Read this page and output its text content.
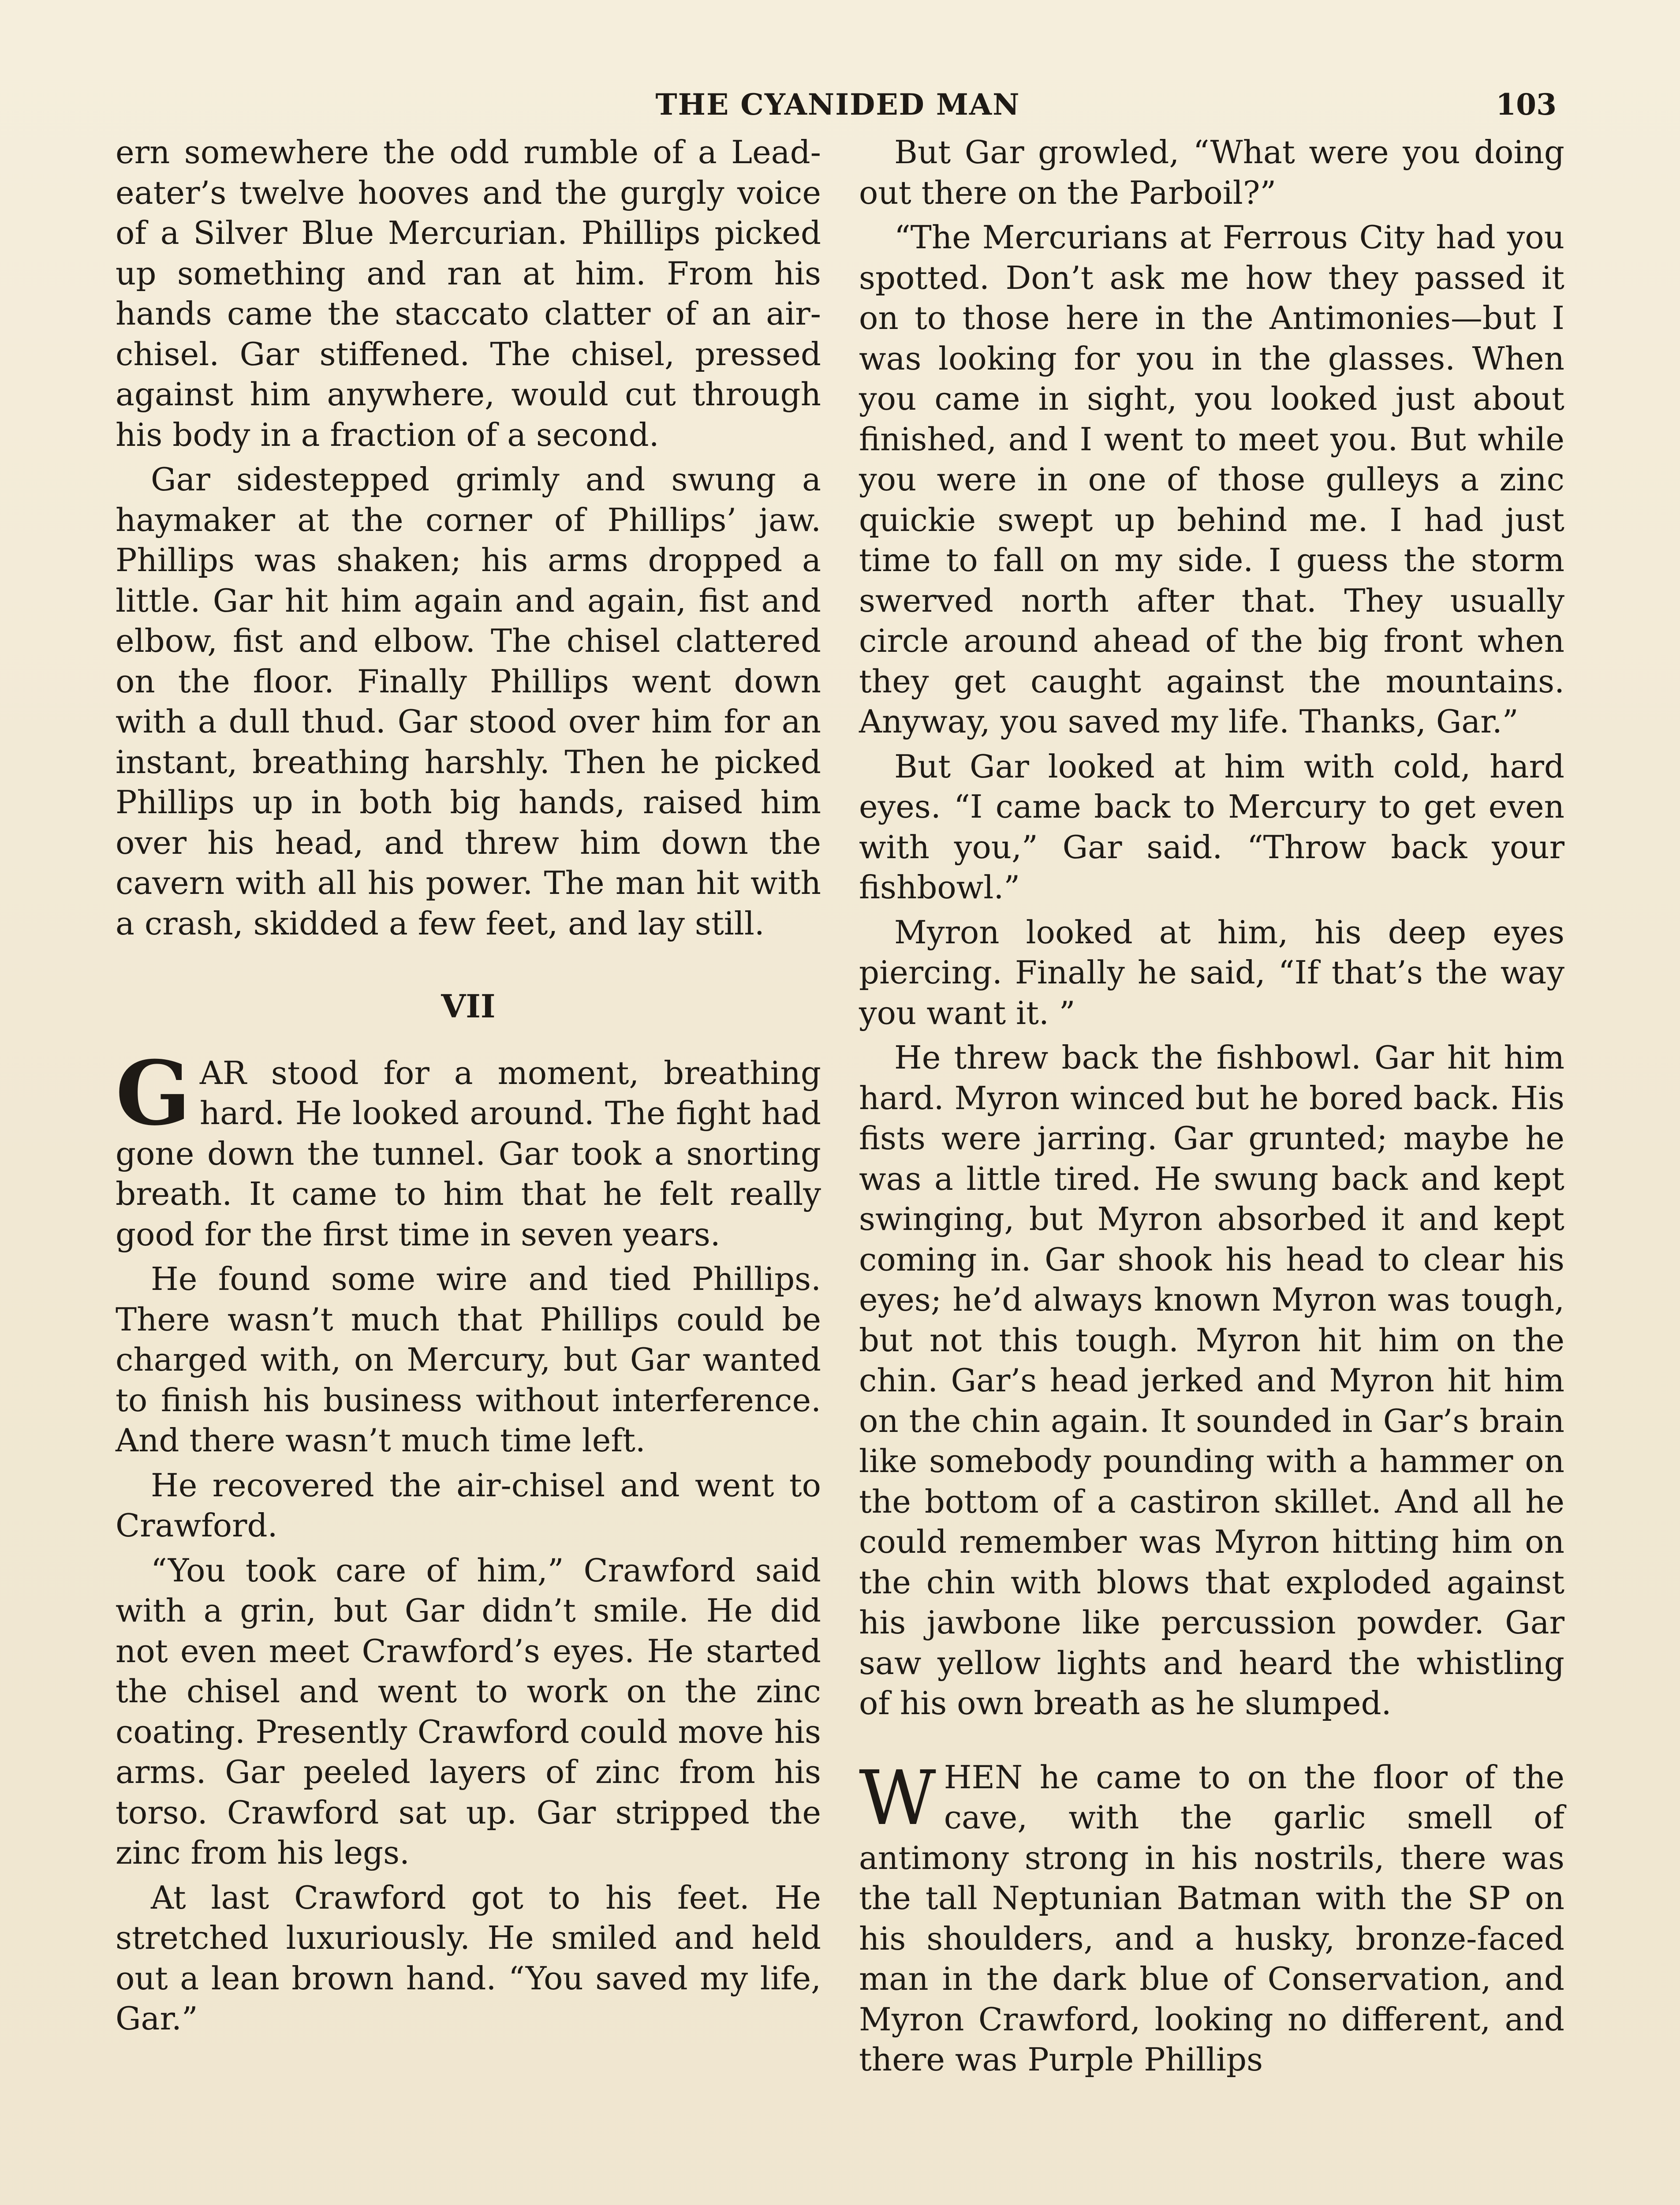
THE CYANIDED MAN	103

ern somewhere the odd rumble of a Lead-eater’s twelve hooves and the gurgly voice of a Silver Blue Mercurian. Phillips picked up something and ran at him. From his hands came the staccato clatter of an air-chisel. Gar stiffened. The chisel, pressed against him anywhere, would cut through his body in a fraction of a second.

Gar sidestepped grimly and swung a haymaker at the corner of Phillips’ jaw. Phillips was shaken; his arms dropped a little. Gar hit him again and again, fist and elbow, fist and elbow. The chisel clattered on the floor. Finally Phillips went down with a dull thud. Gar stood over him for an instant, breathing harshly. Then he picked Phillips up in both big hands, raised him over his head, and threw him down the cavern with all his power. The man hit with a crash, skidded a few feet, and lay still.

VII

GAR stood for a moment, breathing hard. He looked around. The fight had gone down the tunnel. Gar took a snorting breath. It came to him that he felt really good for the first time in seven years.

He found some wire and tied Phillips. There wasn’t much that Phillips could be charged with, on Mercury, but Gar wanted to finish his business without interference. And there wasn’t much time left.

He recovered the air-chisel and went to Crawford.

“You took care of him,” Crawford said with a grin, but Gar didn’t smile. He did not even meet Crawford’s eyes. He started the chisel and went to work on the zinc coating. Presently Crawford could move his arms. Gar peeled layers of zinc from his torso. Crawford sat up. Gar stripped the zinc from his legs.

At last Crawford got to his feet. He stretched luxuriously. He smiled and held out a lean brown hand. “You saved my life, Gar.”

But Gar growled, “What were you doing out there on the Parboil?”

“The Mercurians at Ferrous City had you spotted. Don’t ask me how they passed it on to those here in the Antimonies—but I was looking for you in the glasses. When you came in sight, you looked just about finished, and I went to meet you. But while you were in one of those gulleys a zinc quickie swept up behind me. I had just time to fall on my side. I guess the storm swerved north after that. They usually circle around ahead of the big front when they get caught against the mountains. Anyway, you saved my life. Thanks, Gar.”

But Gar looked at him with cold, hard eyes. “I came back to Mercury to get even with you,” Gar said. “Throw back your fishbowl.”

Myron looked at him, his deep eyes piercing. Finally he said, “If that’s the way you want it. ”

He threw back the fishbowl. Gar hit him hard. Myron winced but he bored back. His fists were jarring. Gar grunted; maybe he was a little tired. He swung back and kept swinging, but Myron absorbed it and kept coming in. Gar shook his head to clear his eyes; he’d always known Myron was tough, but not this tough. Myron hit him on the chin. Gar’s head jerked and Myron hit him on the chin again. It sounded in Gar’s brain like somebody pounding with a hammer on the bottom of a castiron skillet. And all he could remember was Myron hitting him on the chin with blows that exploded against his jawbone like percussion powder. Gar saw yellow lights and heard the whistling of his own breath as he slumped.

WHEN he came to on the floor of the cave, with the garlic smell of antimony strong in his nostrils, there was the tall Neptunian Batman with the SP on his shoulders, and a husky, bronze-faced man in the dark blue of Conservation, and Myron Crawford, looking no different, and there was Purple Phillips
